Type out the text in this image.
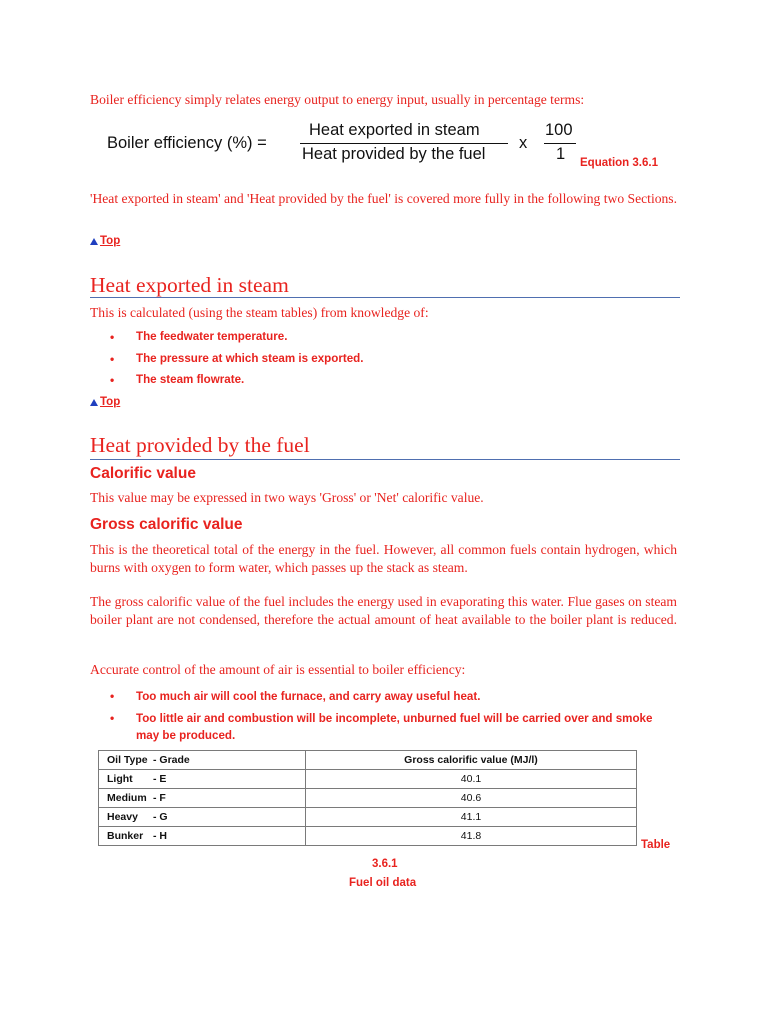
Boiler efficiency simply relates energy output to energy input, usually in percentage terms:
Boiler efficiency (%) =
Heat exported in steam
Heat provided by the fuel
x
100
1 Equation 3.6.1
'Heat exported in steam' and 'Heat provided by the fuel' is covered more fully in the following two Sections.
Top
Heat exported in steam
This is calculated (using the steam tables) from knowledge of:
• The feedwater temperature.
• The pressure at which steam is exported.
• The steam flowrate.
Top
Heat provided by the fuel
Calorific value
This value may be expressed in two ways 'Gross' or 'Net' calorific value.
Gross calorific value
This is the theoretical total of the energy in the fuel. However, all common fuels contain hydrogen, which burns with oxygen to form water, which passes up the stack as steam.
The gross calorific value of the fuel includes the energy used in evaporating this water. Flue gases on steam boiler plant are not condensed, therefore the actual amount of heat available to the boiler plant is reduced.
Accurate control of the amount of air is essential to boiler efficiency:
• Too much air will cool the furnace, and carry away useful heat.
• Too little air and combustion will be incomplete, unburned fuel will be carried over and smoke may be produced.
Oil Type - Grade	Gross calorific value (MJ/l)
Light - E	40.1
Medium - F	40.6
Heavy - G	41.1
Bunker - H	41.8
Table
3.6.1
Fuel oil data
